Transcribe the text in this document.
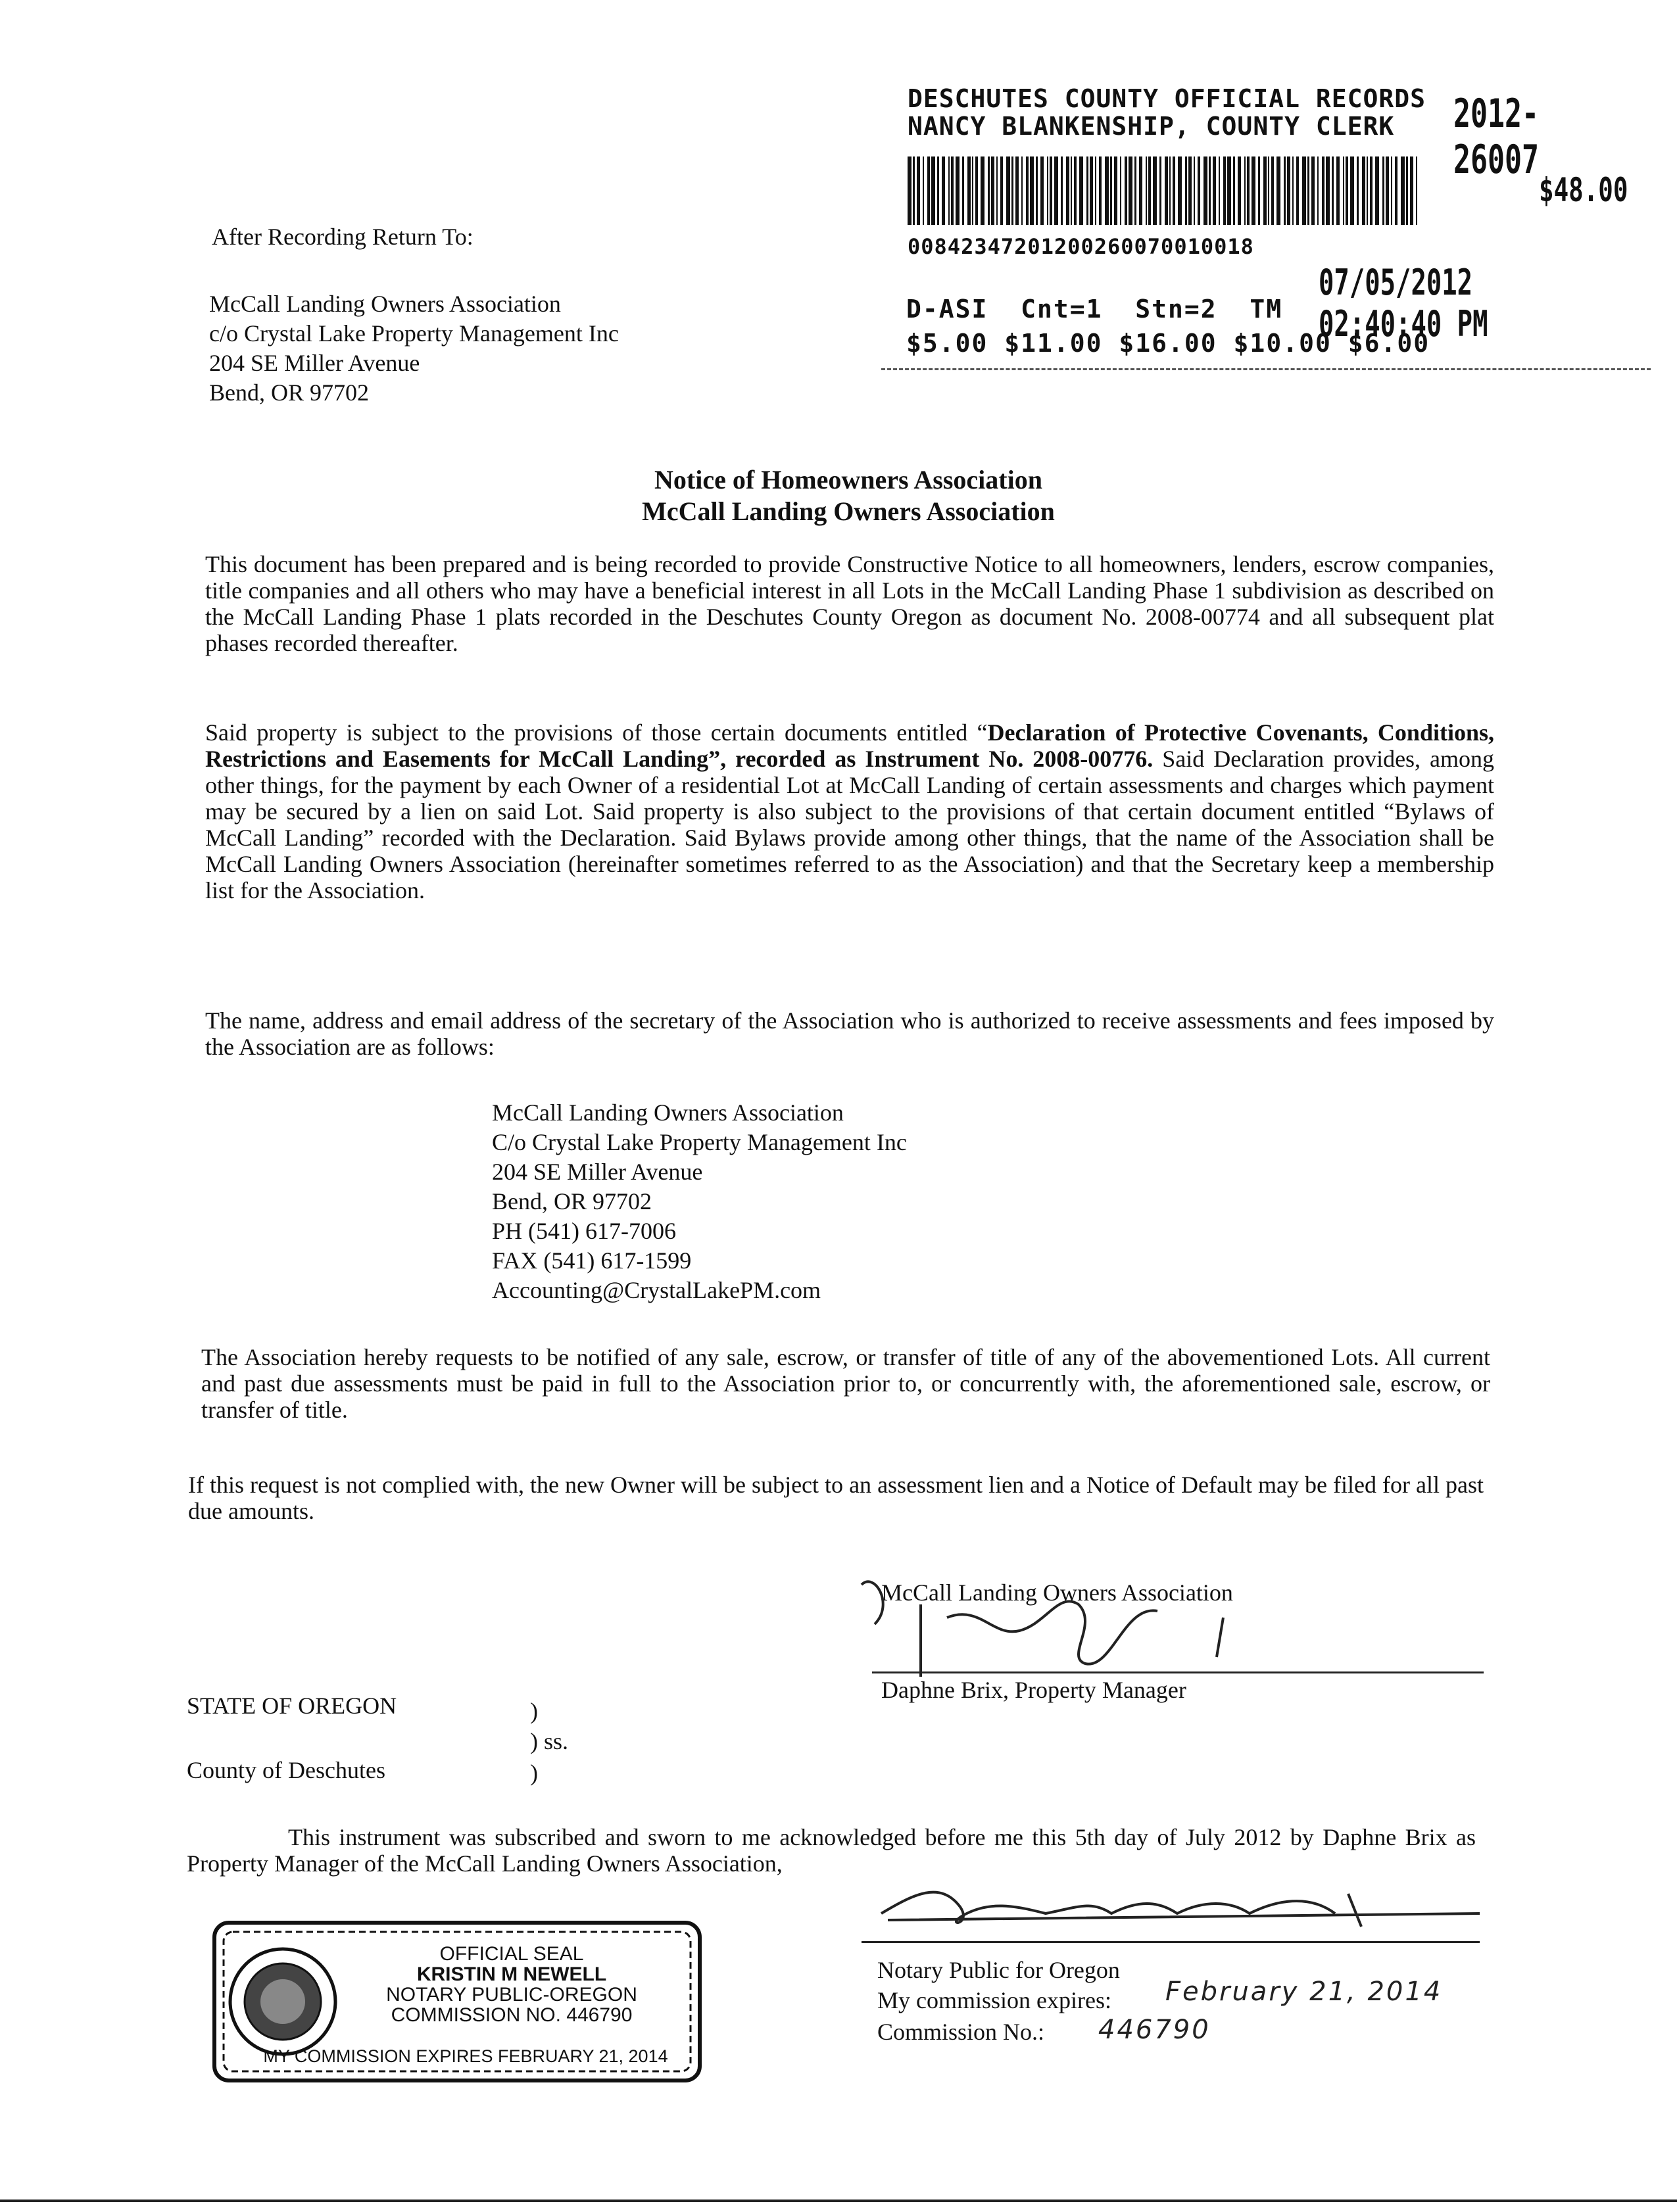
DESCHUTES COUNTY OFFICIAL RECORDS
NANCY BLANKENSHIP, COUNTY CLERK 2012-26007
$48.00
00842347201200260070010018
07/05/2012 02:40:40 PM
D-ASI  Cnt=1  Stn=2  TM
$5.00 $11.00 $16.00 $10.00 $6.00
After Recording Return To:
McCall Landing Owners Association
c/o Crystal Lake Property Management Inc
204 SE Miller Avenue
Bend, OR 97702
Notice of Homeowners Association
McCall Landing Owners Association
This document has been prepared and is being recorded to provide Constructive Notice to all homeowners, lenders, escrow companies, title companies and all others who may have a beneficial interest in all Lots in the McCall Landing Phase 1 subdivision as described on the McCall Landing Phase 1 plats recorded in the Deschutes County Oregon as document No. 2008-00774 and all subsequent plat phases recorded thereafter.
Said property is subject to the provisions of those certain documents entitled “Declaration of Protective Covenants, Conditions, Restrictions and Easements for McCall Landing”, recorded as Instrument No. 2008-00776. Said Declaration provides, among other things, for the payment by each Owner of a residential Lot at McCall Landing of certain assessments and charges which payment may be secured by a lien on said Lot. Said property is also subject to the provisions of that certain document entitled “Bylaws of McCall Landing” recorded with the Declaration. Said Bylaws provide among other things, that the name of the Association shall be McCall Landing Owners Association (hereinafter sometimes referred to as the Association) and that the Secretary keep a membership list for the Association.
The name, address and email address of the secretary of the Association who is authorized to receive assessments and fees imposed by the Association are as follows:
McCall Landing Owners Association
C/o Crystal Lake Property Management Inc
204 SE Miller Avenue
Bend, OR 97702
PH (541) 617-7006
FAX (541) 617-1599
Accounting@CrystalLakePM.com
The Association hereby requests to be notified of any sale, escrow, or transfer of title of any of the abovementioned Lots. All current and past due assessments must be paid in full to the Association prior to, or concurrently with, the aforementioned sale, escrow, or transfer of title.
If this request is not complied with, the new Owner will be subject to an assessment lien and a Notice of Default may be filed for all past due amounts.
McCall Landing Owners Association
Daphne Brix, Property Manager
STATE OF OREGON	)
) ss.
County of Deschutes	)
This instrument was subscribed and sworn to me acknowledged before me this 5th day of July 2012 by Daphne Brix as Property Manager of the McCall Landing Owners Association,
OFFICIAL SEAL
KRISTIN M NEWELL
NOTARY PUBLIC-OREGON
COMMISSION NO. 446790
MY COMMISSION EXPIRES FEBRUARY 21, 2014
Notary Public for Oregon
My commission expires: February 21, 2014
Commission No.: 446790
